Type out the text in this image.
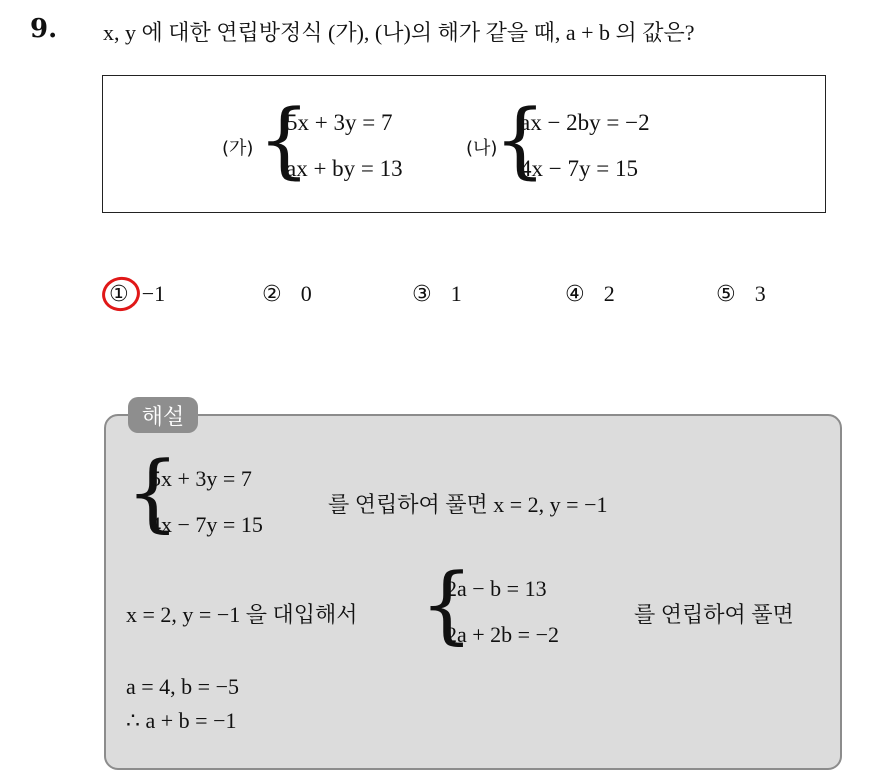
9. x, y 에 대한 연립방정식 (가), (나)의 해가 같을 때, a + b 의 값은?
(가) {
5x + 3y = 7
ax + by = 13
(나)
{
ax − 2by = −2
4x − 7y = 15
① −1	② 0	③ 1	④ 2	⑤ 3
해설
{
5x + 3y = 7
4x − 7y = 15
를 연립하여 풀면 x = 2, y = −1
x = 2, y = −1 을 대입해서 {
2a − b = 13
2a + 2b = −2
를 연립하여 풀면
a = 4, b = −5
∴ a + b = −1
